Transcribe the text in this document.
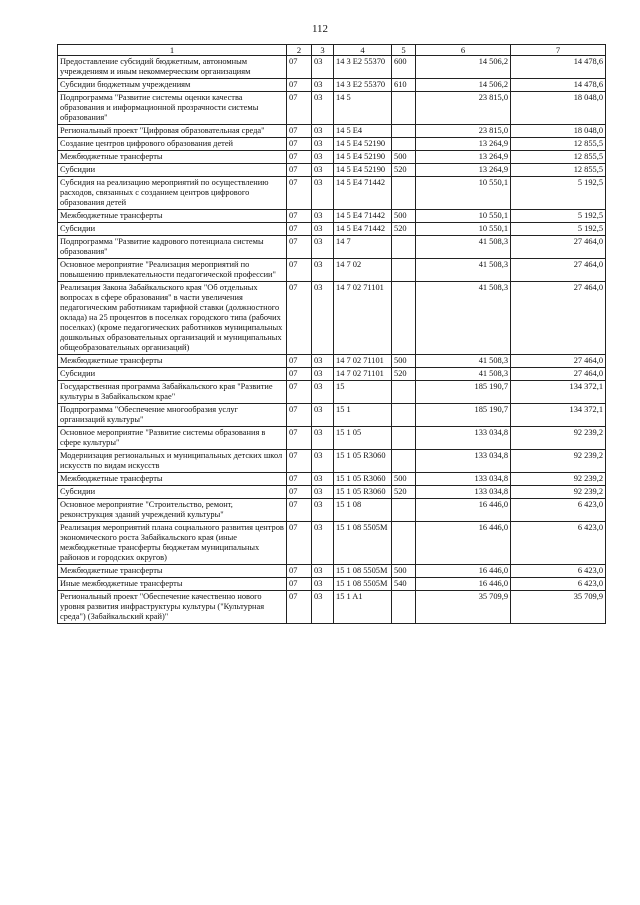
112
1	2	3	4	5	6	7
Предоставление субсидий бюджетным, автономным учреждениям и иным некоммерческим организациям	07	03	14 3 E2 55370	600	14 506,2	14 478,6
Субсидии бюджетным учреждениям	07	03	14 3 E2 55370	610	14 506,2	14 478,6
Подпрограмма "Развитие системы оценки качества образования и информационной прозрачности системы образования"	07	03	14 5		23 815,0	18 048,0
Региональный проект "Цифровая образовательная среда"	07	03	14 5 E4		23 815,0	18 048,0
Создание центров цифрового образования детей	07	03	14 5 E4 52190		13 264,9	12 855,5
Межбюджетные трансферты	07	03	14 5 E4 52190	500	13 264,9	12 855,5
Субсидии	07	03	14 5 E4 52190	520	13 264,9	12 855,5
Субсидия на реализацию мероприятий по осуществлению расходов, связанных с созданием центров цифрового образования детей	07	03	14 5 E4 71442		10 550,1	5 192,5
Межбюджетные трансферты	07	03	14 5 E4 71442	500	10 550,1	5 192,5
Субсидии	07	03	14 5 E4 71442	520	10 550,1	5 192,5
Подпрограмма "Развитие кадрового потенциала системы образования"	07	03	14 7		41 508,3	27 464,0
Основное мероприятие "Реализация мероприятий по повышению привлекательности педагогической профессии"	07	03	14 7 02		41 508,3	27 464,0
Реализация Закона Забайкальского края "Об отдельных вопросах в сфере образования" в части увеличения педагогическим работникам тарифной ставки (должностного оклада) на 25 процентов в поселках городского типа (рабочих поселках) (кроме педагогических работников муниципальных дошкольных образовательных организаций и муниципальных общеобразовательных организаций)	07	03	14 7 02 71101		41 508,3	27 464,0
Межбюджетные трансферты	07	03	14 7 02 71101	500	41 508,3	27 464,0
Субсидии	07	03	14 7 02 71101	520	41 508,3	27 464,0
Государственная программа Забайкальского края "Развитие культуры в Забайкальском крае"	07	03	15		185 190,7	134 372,1
Подпрограмма "Обеспечение многообразия услуг организаций культуры"	07	03	15 1		185 190,7	134 372,1
Основное мероприятие "Развитие системы образования в сфере культуры"	07	03	15 1 05		133 034,8	92 239,2
Модернизация региональных и муниципальных детских школ искусств по видам искусств	07	03	15 1 05 R3060		133 034,8	92 239,2
Межбюджетные трансферты	07	03	15 1 05 R3060	500	133 034,8	92 239,2
Субсидии	07	03	15 1 05 R3060	520	133 034,8	92 239,2
Основное мероприятие "Строительство, ремонт, реконструкция зданий учреждений культуры"	07	03	15 1 08		16 446,0	6 423,0
Реализация мероприятий плана социального развития центров экономического роста Забайкальского края (иные межбюджетные трансферты бюджетам муниципальных районов и городских округов)	07	03	15 1 08 5505M		16 446,0	6 423,0
Межбюджетные трансферты	07	03	15 1 08 5505M	500	16 446,0	6 423,0
Иные межбюджетные трансферты	07	03	15 1 08 5505M	540	16 446,0	6 423,0
Региональный проект "Обеспечение качественно нового уровня развития инфраструктуры культуры ("Культурная среда") (Забайкальский край)"	07	03	15 1 A1		35 709,9	35 709,9
